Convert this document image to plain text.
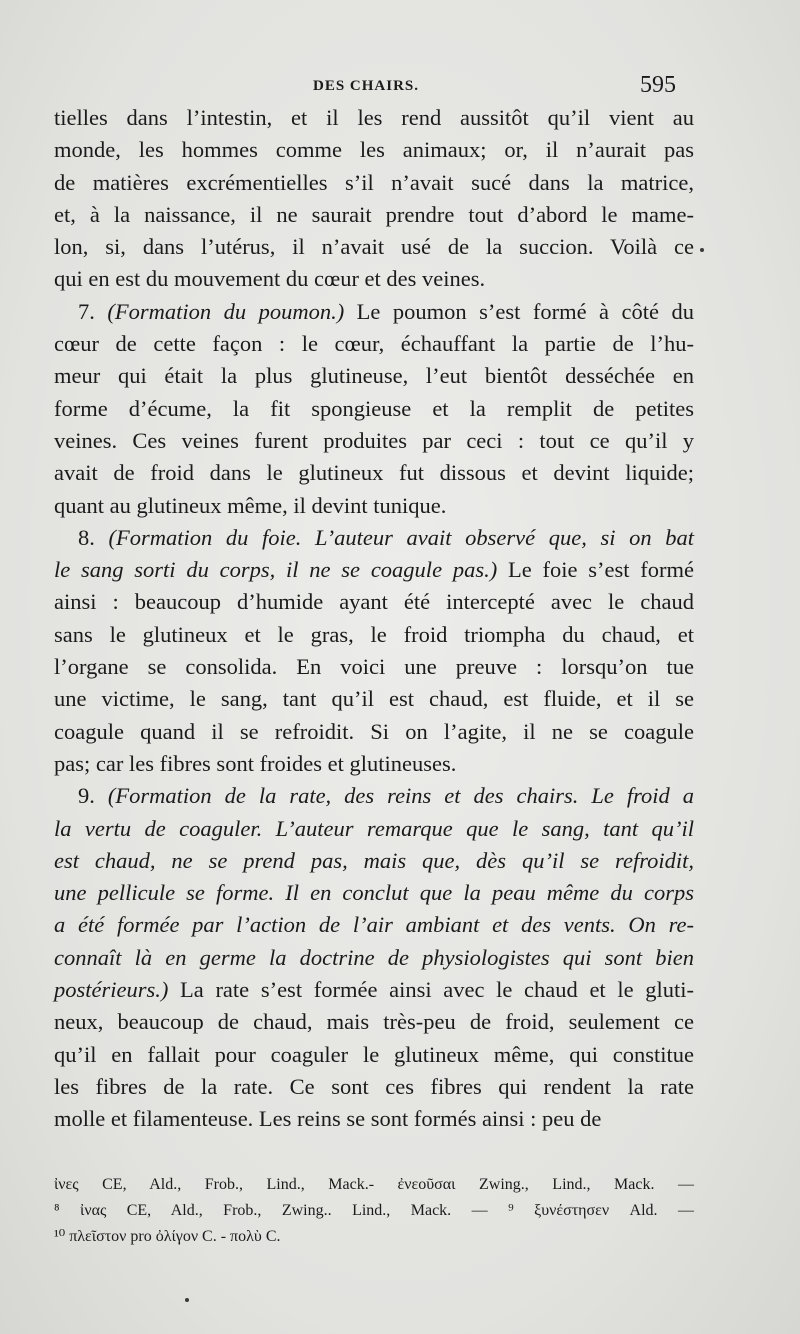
DES CHAIRS.	595
tielles dans l’intestin, et il les rend aussitôt qu’il vient au
monde, les hommes comme les animaux; or, il n’aurait pas
de matières excrémentielles s’il n’avait sucé dans la matrice,
et, à la naissance, il ne saurait prendre tout d’abord le mame-
lon, si, dans l’utérus, il n’avait usé de la succion. Voilà ce
qui en est du mouvement du cœur et des veines.
7. (Formation du poumon.) Le poumon s’est formé à côté du
cœur de cette façon : le cœur, échauffant la partie de l’hu-
meur qui était la plus glutineuse, l’eut bientôt desséchée en
forme d’écume, la fit spongieuse et la remplit de petites
veines. Ces veines furent produites par ceci : tout ce qu’il y
avait de froid dans le glutineux fut dissous et devint liquide;
quant au glutineux même, il devint tunique.
8. (Formation du foie. L’auteur avait observé que, si on bat
le sang sorti du corps, il ne se coagule pas.) Le foie s’est formé
ainsi : beaucoup d’humide ayant été intercepté avec le chaud
sans le glutineux et le gras, le froid triompha du chaud, et
l’organe se consolida. En voici une preuve : lorsqu’on tue
une victime, le sang, tant qu’il est chaud, est fluide, et il se
coagule quand il se refroidit. Si on l’agite, il ne se coagule
pas; car les fibres sont froides et glutineuses.
9. (Formation de la rate, des reins et des chairs. Le froid a
la vertu de coaguler. L’auteur remarque que le sang, tant qu’il
est chaud, ne se prend pas, mais que, dès qu’il se refroidit,
une pellicule se forme. Il en conclut que la peau même du corps
a été formée par l’action de l’air ambiant et des vents. On re-
connaît là en germe la doctrine de physiologistes qui sont bien
postérieurs.) La rate s’est formée ainsi avec le chaud et le gluti-
neux, beaucoup de chaud, mais très-peu de froid, seulement ce
qu’il en fallait pour coaguler le glutineux même, qui constitue
les fibres de la rate. Ce sont ces fibres qui rendent la rate
molle et filamenteuse. Les reins se sont formés ainsi : peu de
ἰνες CE, Ald., Frob., Lind., Mack.- ἐνεοῦσαι Zwing., Lind., Mack. —
⁸ ἰνας CE, Ald., Frob., Zwing.. Lind., Mack. — ⁹ ξυνέστησεν Ald. —
¹⁰ πλεῖστον pro ὀλίγον C. - πολὺ C.
